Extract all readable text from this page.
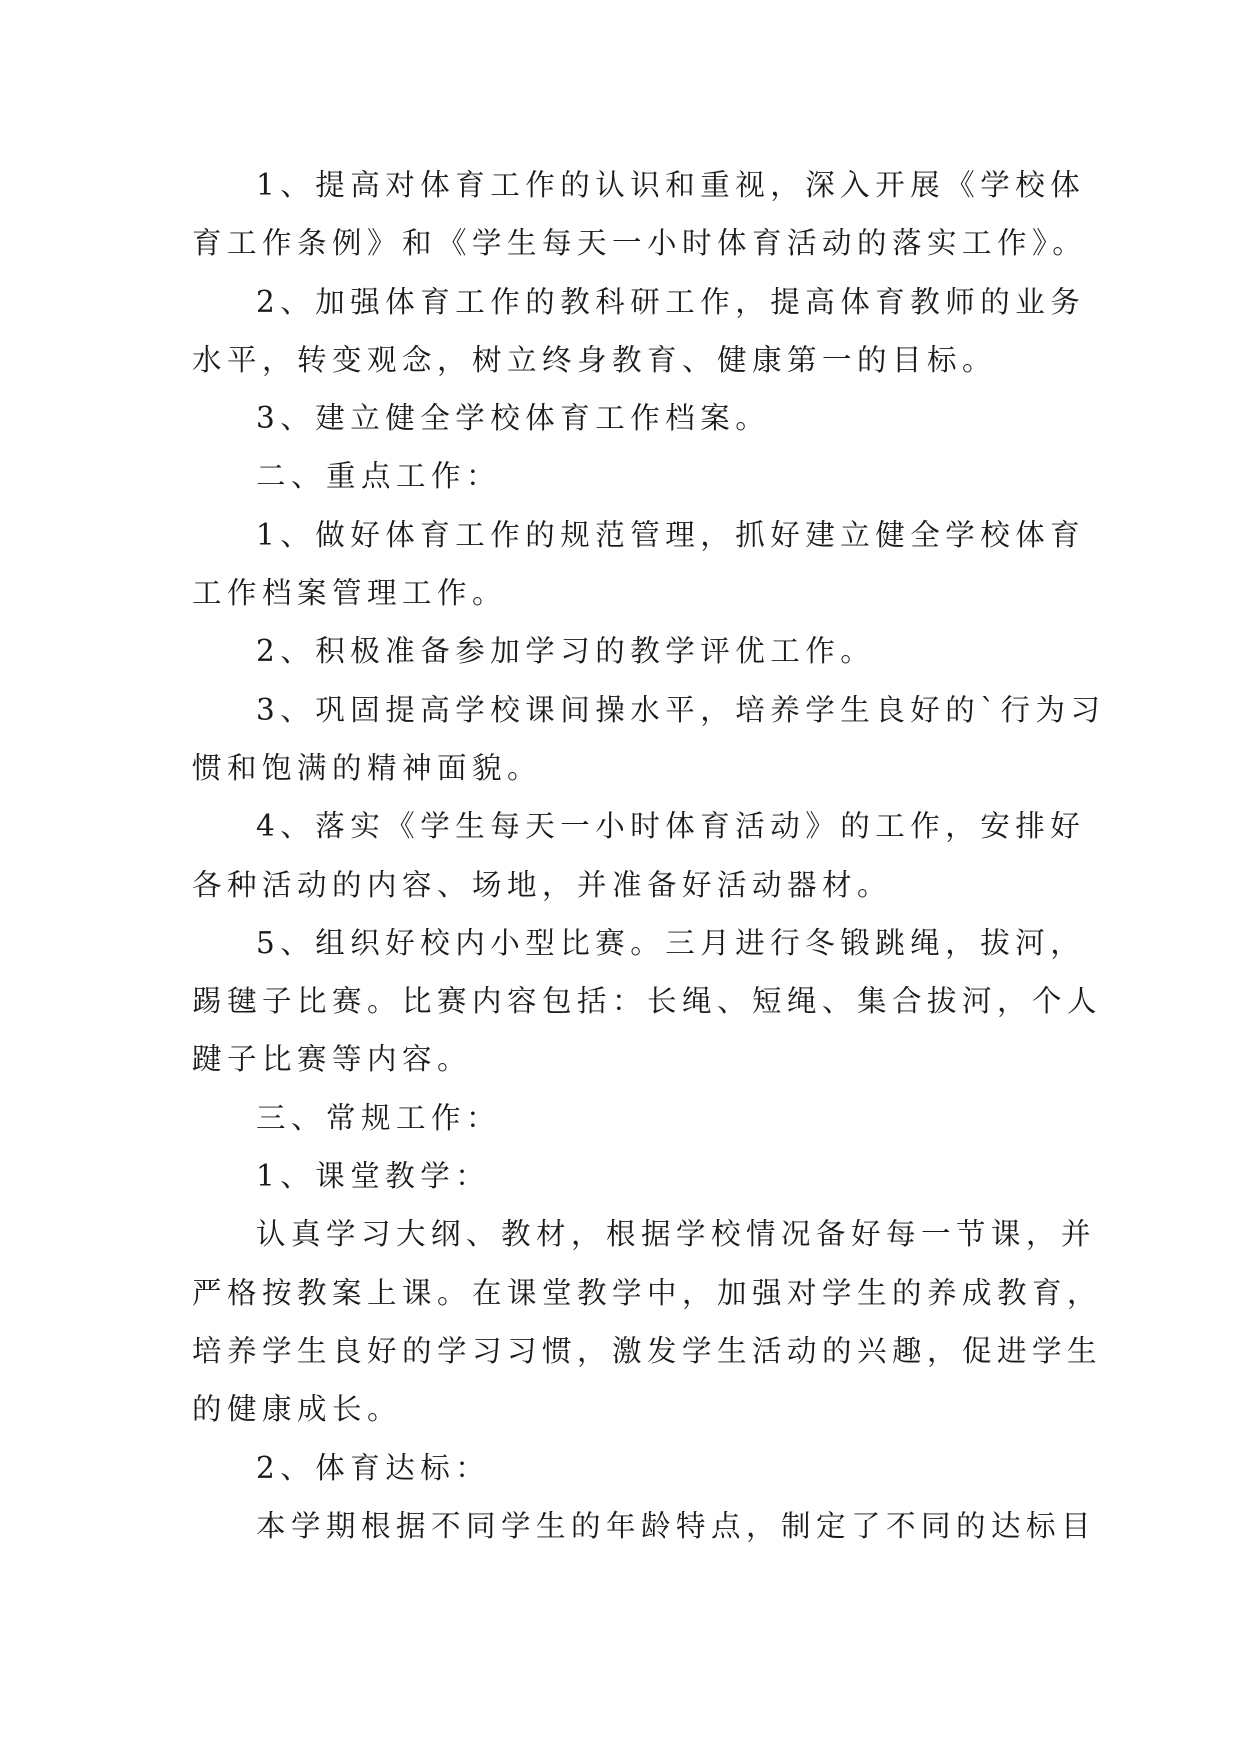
1、提高对体育工作的认识和重视，深入开展《学校体

育工作条例》和《学生每天一小时体育活动的落实工作》。

2、加强体育工作的教科研工作，提高体育教师的业务

水平，转变观念，树立终身教育、健康第一的目标。

3、建立健全学校体育工作档案。

二、重点工作：

1、做好体育工作的规范管理，抓好建立健全学校体育

工作档案管理工作。

2、积极准备参加学习的教学评优工作。

3、巩固提高学校课间操水平，培养学生良好的`行为习

惯和饱满的精神面貌。

4、落实《学生每天一小时体育活动》的工作，安排好

各种活动的内容、场地，并准备好活动器材。

5、组织好校内小型比赛。三月进行冬锻跳绳，拔河，

踢毽子比赛。比赛内容包括：长绳、短绳、集合拔河，个人

踺子比赛等内容。

三、常规工作：

1、课堂教学：

认真学习大纲、教材，根据学校情况备好每一节课，并

严格按教案上课。在课堂教学中，加强对学生的养成教育，

培养学生良好的学习习惯，激发学生活动的兴趣，促进学生

的健康成长。

2、体育达标：

本学期根据不同学生的年龄特点，制定了不同的达标目
